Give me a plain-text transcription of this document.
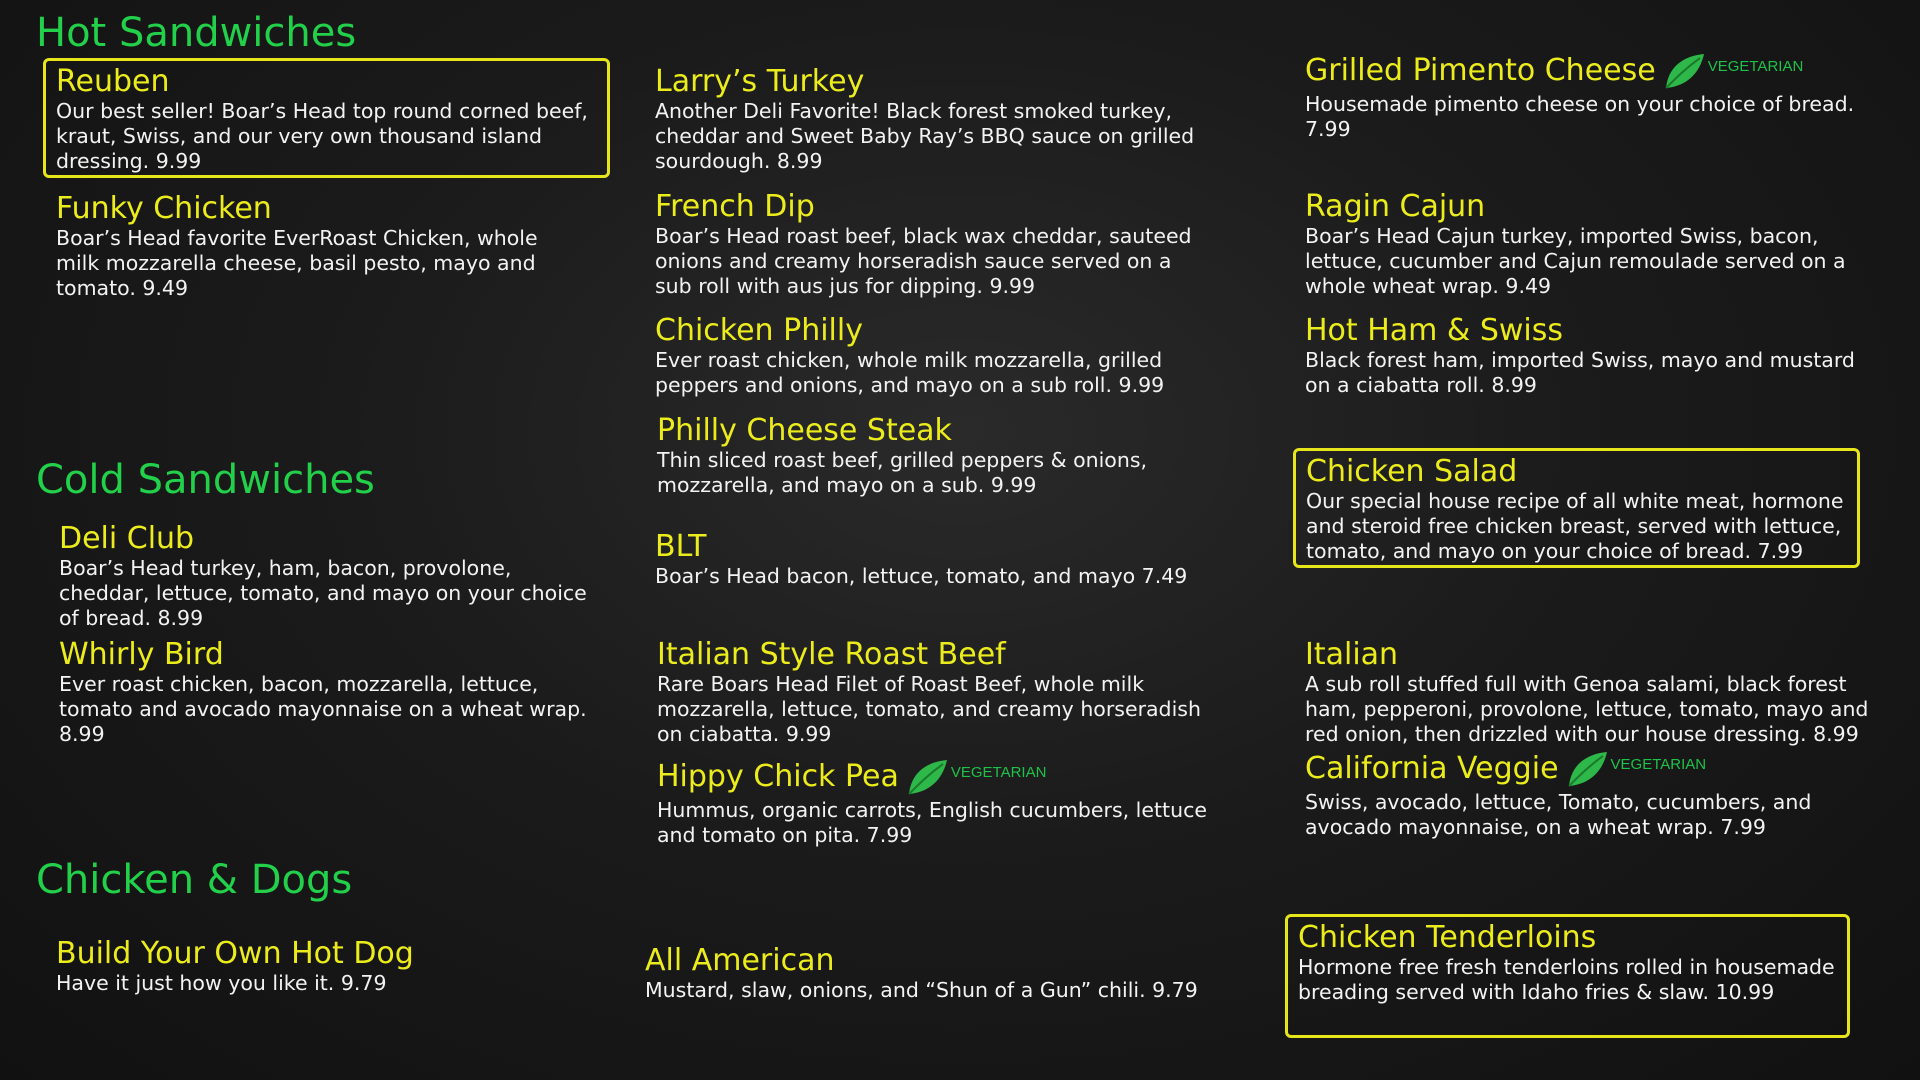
Hot Sandwiches
Cold Sandwiches
Chicken & Dogs
Reuben
Our best seller! Boar’s Head top round corned beef, kraut, Swiss, and our very own thousand island dressing. 9.99
Funky Chicken
Boar’s Head favorite EverRoast Chicken, whole milk mozzarella cheese, basil pesto, mayo and tomato. 9.49
Deli Club
Boar’s Head turkey, ham, bacon, provolone, cheddar, lettuce, tomato, and mayo on your choice of bread. 8.99
Whirly Bird
Ever roast chicken, bacon, mozzarella, lettuce, tomato and avocado mayonnaise on a wheat wrap. 8.99
Build Your Own Hot Dog
Have it just how you like it. 9.79
Larry’s Turkey
Another Deli Favorite! Black forest smoked turkey, cheddar and Sweet Baby Ray’s BBQ sauce on grilled sourdough. 8.99
French Dip
Boar’s Head roast beef, black wax cheddar, sauteed onions and creamy horseradish sauce served on a sub roll with aus jus for dipping. 9.99
Chicken Philly
Ever roast chicken, whole milk mozzarella, grilled peppers and onions, and mayo on a sub roll. 9.99
Philly Cheese Steak
Thin sliced roast beef, grilled peppers & onions, mozzarella, and mayo on a sub. 9.99
BLT
Boar’s Head bacon, lettuce, tomato, and mayo 7.49
Italian Style Roast Beef
Rare Boars Head Filet of Roast Beef, whole milk mozzarella, lettuce, tomato, and creamy horseradish on ciabatta. 9.99
Hippy Chick Pea	VEGETARIAN
Hummus, organic carrots, English cucumbers, lettuce and tomato on pita. 7.99
All American
Mustard, slaw, onions, and “Shun of a Gun” chili. 9.79
Grilled Pimento Cheese	VEGETARIAN
Housemade pimento cheese on your choice of bread. 7.99
Ragin Cajun
Boar’s Head Cajun turkey, imported Swiss, bacon, lettuce, cucumber and Cajun remoulade served on a whole wheat wrap. 9.49
Hot Ham & Swiss
Black forest ham, imported Swiss, mayo and mustard on a ciabatta roll. 8.99
Chicken Salad
Our special house recipe of all white meat, hormone and steroid free chicken breast, served with lettuce, tomato, and mayo on your choice of bread. 7.99
Italian
A sub roll stuffed full with Genoa salami, black forest ham, pepperoni, provolone, lettuce, tomato, mayo and red onion, then drizzled with our house dressing. 8.99
California Veggie	VEGETARIAN
Swiss, avocado, lettuce, Tomato, cucumbers, and avocado mayonnaise, on a wheat wrap. 7.99
Chicken Tenderloins
Hormone free fresh tenderloins rolled in housemade breading served with Idaho fries & slaw. 10.99
